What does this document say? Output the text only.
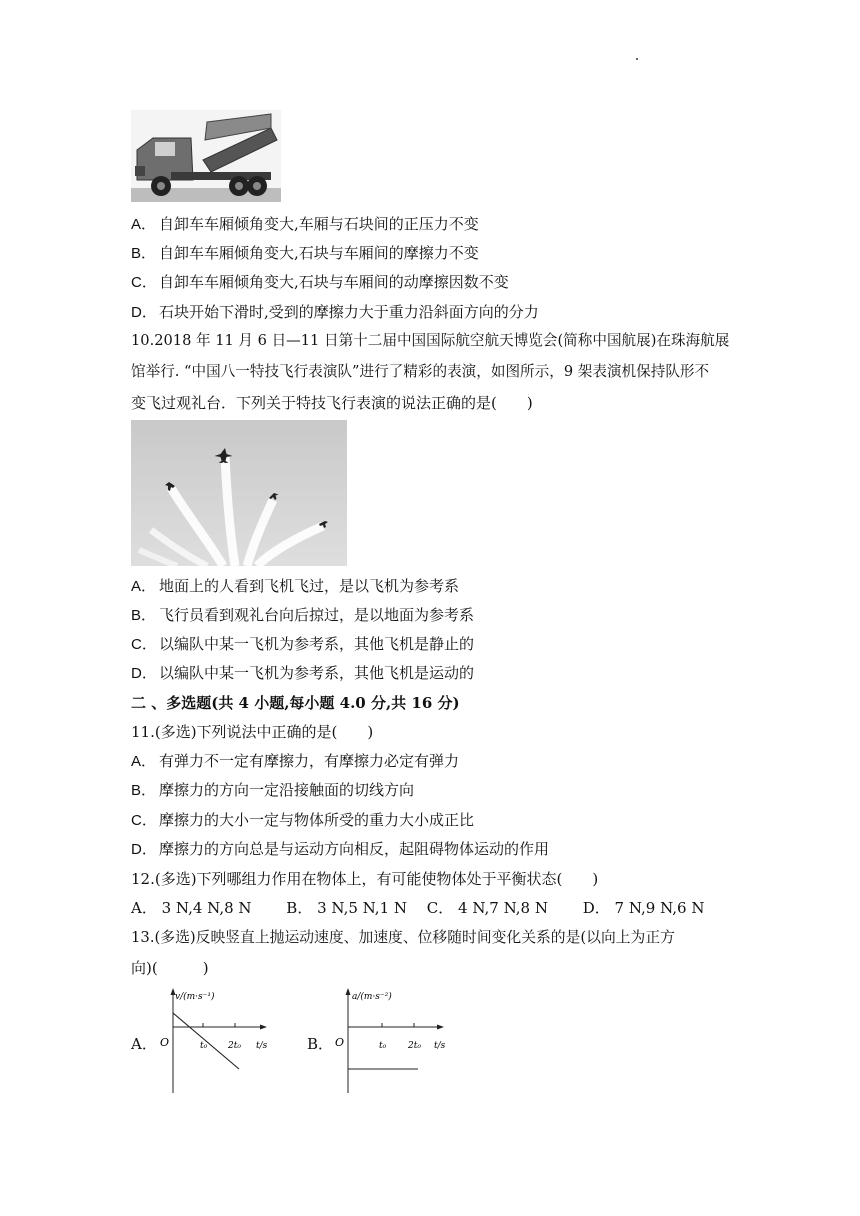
A． 自卸车车厢倾角变大,车厢与石块间的正压力不变
B． 自卸车车厢倾角变大,石块与车厢间的摩擦力不变
C． 自卸车车厢倾角变大,石块与车厢间的动摩擦因数不变
D． 石块开始下滑时,受到的摩擦力大于重力沿斜面方向的分力
10.2018 年 11 月 6 日—11 日第十二届中国国际航空航天博览会(简称中国航展)在珠海航展
馆举行. “中国八一特技飞行表演队”进行了精彩的表演，如图所示，9 架表演机保持队形不
变飞过观礼台．下列关于特技飞行表演的说法正确的是(　　)
A． 地面上的人看到飞机飞过，是以飞机为参考系
B． 飞行员看到观礼台向后掠过，是以地面为参考系
C． 以编队中某一飞机为参考系，其他飞机是静止的
D． 以编队中某一飞机为参考系，其他飞机是运动的
二 、多选题(共 4 小题,每小题 4.0 分,共 16 分)
11.(多选)下列说法中正确的是(　　)
A． 有弹力不一定有摩擦力，有摩擦力必定有弹力
B． 摩擦力的方向一定沿接触面的切线方向
C． 摩擦力的大小一定与物体所受的重力大小成正比
D． 摩擦力的方向总是与运动方向相反，起阻碍物体运动的作用
12.(多选)下列哪组力作用在物体上，有可能使物体处于平衡状态(　　)
A． 3 N,4 N,8 N　　 B． 3 N,5 N,1 N　 C． 4 N,7 N,8 N　　 D． 7 N,9 N,6 N
13.(多选)反映竖直上抛运动速度、加速度、位移随时间变化关系的是(以向上为正方
向)(　　　)
A．
v/(m·s⁻¹)
O	t₀ 2t₀ t/s	B．
a/(m·s⁻²)
O	t₀ 2t₀ t/s
